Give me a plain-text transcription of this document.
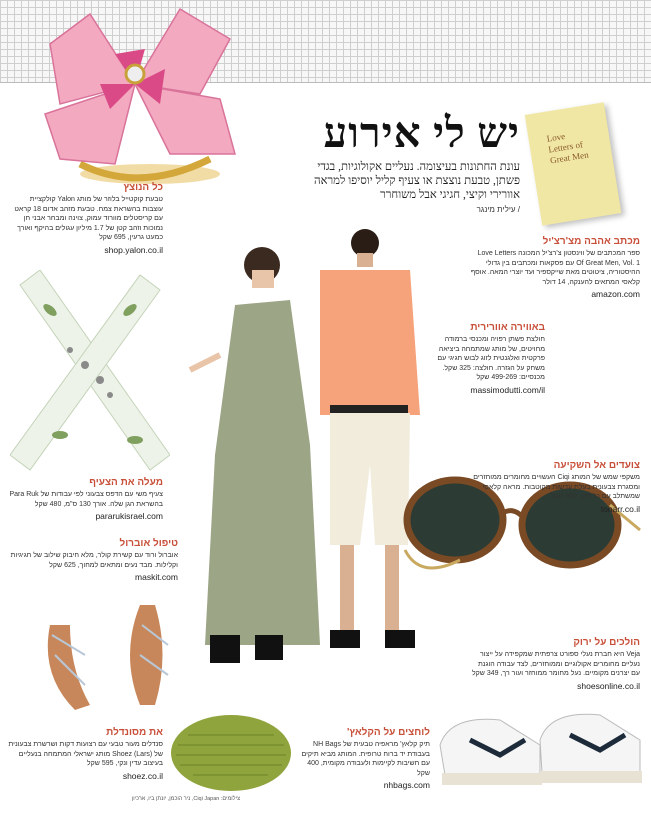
Love Letters of Great Men
יש לי אירוע
עונת החתונות בעיצומה. נעליים אקולוגיות, בגדי פשתן, טבעת נוצצת או צעיף קליל יוסיפו למראה אוורירי וקיצי, חגיגי אבל משוחרר
/ עילית מינגר
כל הנוצץ
טבעת קוקטייל בלוזר של מותג Yalon קולקציית עוצבות בהשראת צמח. טבעת מזהב אדום 18 קראט עם קריסטלים מוורוד עמוק, צוינה ומבחר אבני חן נמוכות וזהב קטן של 1.7 מיליון עגולים בהיקף ואורך כמעט גרעין, 695 שקל
shop.yalon.co.il
מכתב אהבה מצ'רצ'יל
ספר המכתבים של ווינסטון צ'רצ'יל המכונה Love Letters Of Great Men, Vol. 1 עם פסקאות ומכתבים בין גדולי ההיסטוריה, ציטוטים מאת שייקספיר ועד יוצרי המאה. אוסף קלאסי המתאים להענקה, 14 דולר
amazon.com
באווירה אוורירית
חולצת פשתן רפויה ומכנסי ברמודה מחויטים, של מותג שמתמחה ביציאה פרקטית ואלגנטית לזוג לבוש חגיגי עם משחק על הגזרה. חולצה: 325 שקל. מכנסיים: 499-269 שקל
massimodutti.com/il
מעלה את הצעיף
צעיף משי עם הדפס צבעוני לפי עבודות של Para Ruk בהשראת הגן שלה. אורך 130 ס"מ, 480 שקל
pararukisrael.com
צועדים אל השקיעה
משקפי שמש של המותג Ciqi העשויים מחומרים ממוחזרים ומסגרת צבעונית בעלת עדשות מקוטבות. מראה קלאסי שמשתלב עם כל לוק, 560 שקל
tonarr.co.il
טיפול אוברול
אוברול ורוד עם קשירת קולר, מלא חיבוק שילוב של חגיגיות וקלילות. מבד נעים ומתאים למחוך, 625 שקל
maskit.com
הולכים על ירוק
Veja היא חברת נעלי ספורט צרפתית שמקפידה על ייצור נעליים מחומרים אקולוגיים וממוחזרים, לצד עבודה הוגנת עם יצרנים מקומיים. נעל מחומר ממוחזר ועור רך, 349 שקל
shoesonline.co.il
את מסונדלת
סנדלים מעור טבעי עם רצועות דקות ושרשרת צבעונית של Shoez (Lars) מותג ישראלי המתמחה בנעליים בעיצוב עדין ונקי, 595 שקל
shoez.co.il
לוחצים על הקלאץ'
תיק קלאץ' מראפיה טבעית של NH Bags בעבודת יד ברוח טרופית. המותג מביא תיקים עם חשיבות לקיימות ולעבודה מקומית, 400 שקל
nhbags.com
צילומים: Ciqi Japan, ניר הוכמן, יונתן ביו, ארכיון
